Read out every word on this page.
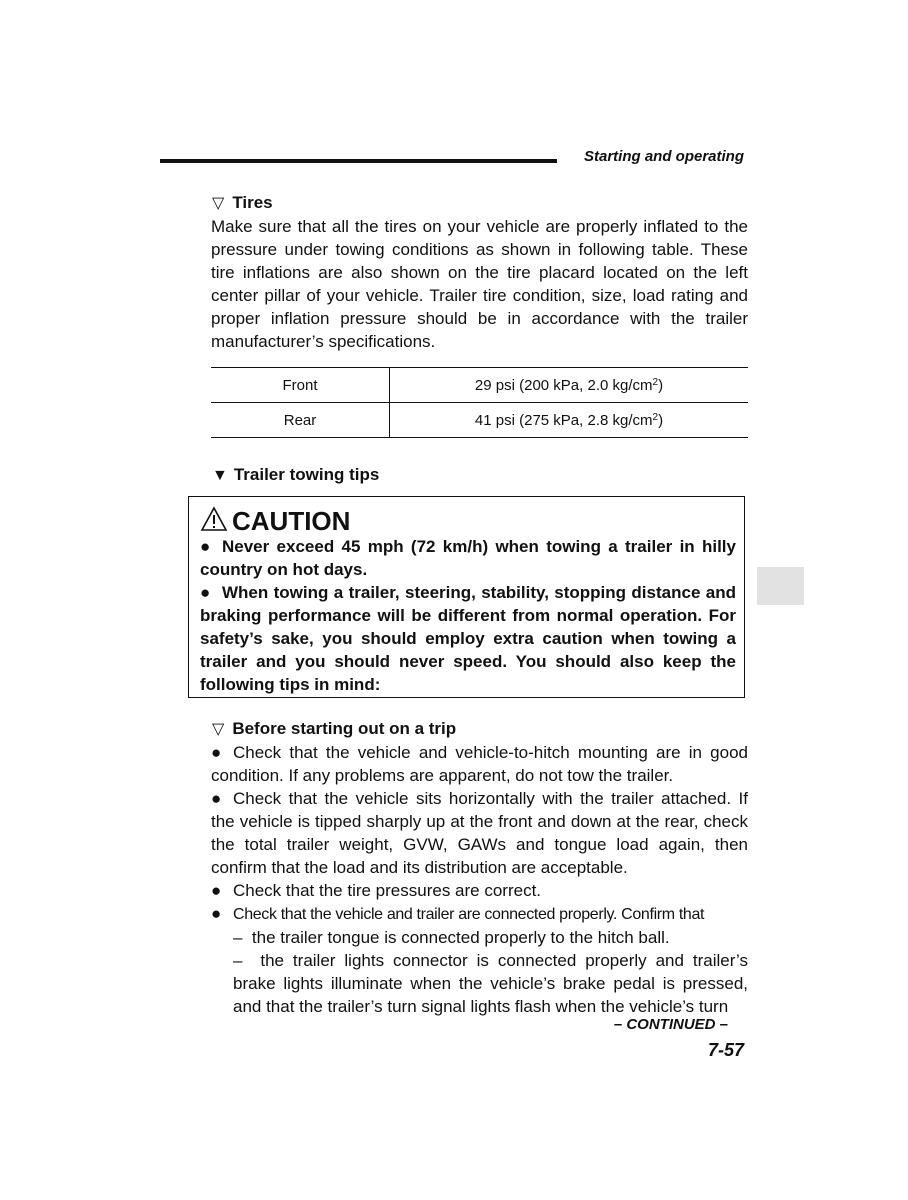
Starting and operating
▽ Tires

Make sure that all the tires on your vehicle are properly inflated to the pressure under towing conditions as shown in following table. These tire inflations are also shown on the tire placard located on the left center pillar of your vehicle. Trailer tire condition, size, load rating and proper inflation pressure should be in accordance with the trailer manufacturer’s specifications.

Front	29 psi (200 kPa, 2.0 $kg/cm^2$)
Rear	41 psi (275 kPa, 2.8 $kg/cm^2$)
▼ Trailer towing tips
CAUTION

● Never exceed 45 mph (72 km/h) when towing a trailer in hilly country on hot days.

● When towing a trailer, steering, stability, stopping distance and braking performance will be different from normal operation. For safety’s sake, you should employ extra caution when towing a trailer and you should never speed. You should also keep the following tips in mind:

▽ Before starting out on a trip

● Check that the vehicle and vehicle-to-hitch mounting are in good condition. If any problems are apparent, do not tow the trailer.

● Check that the vehicle sits horizontally with the trailer attached. If the vehicle is tipped sharply up at the front and down at the rear, check the total trailer weight, GVW, GAWs and tongue load again, then confirm that the load and its distribution are acceptable.

● Check that the tire pressures are correct.

● Check that the vehicle and trailer are connected properly. Confirm that

– the trailer tongue is connected properly to the hitch ball.

– the trailer lights connector is connected properly and trailer’s brake lights illuminate when the vehicle’s brake pedal is pressed, and that the trailer’s turn signal lights flash when the vehicle’s turn

– CONTINUED –
7-57
